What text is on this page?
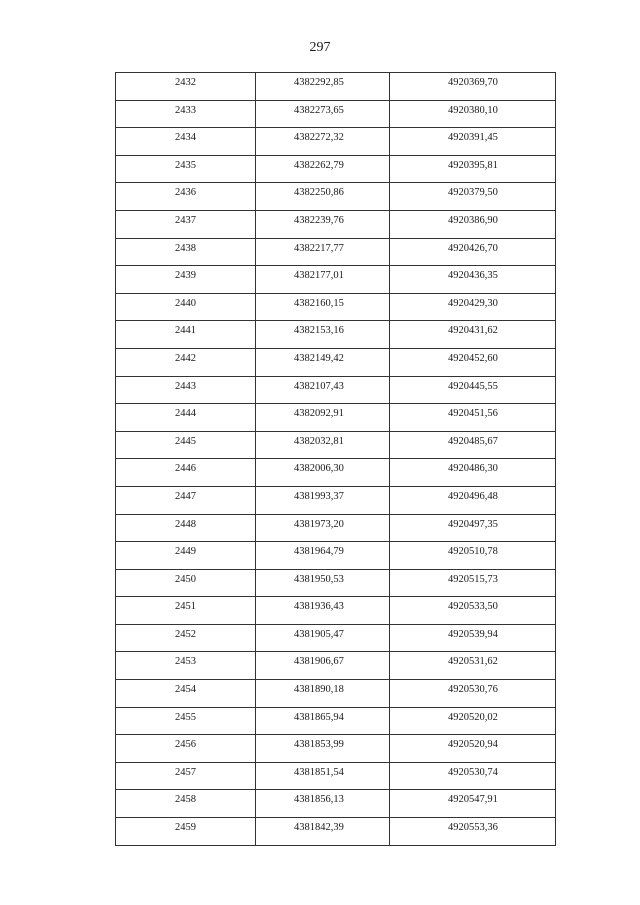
297
2432	4382292,85	4920369,70

2433	4382273,65	4920380,10

2434	4382272,32	4920391,45

2435	4382262,79	4920395,81

2436	4382250,86	4920379,50

2437	4382239,76	4920386,90

2438	4382217,77	4920426,70

2439	4382177,01	4920436,35

2440	4382160,15	4920429,30

2441	4382153,16	4920431,62

2442	4382149,42	4920452,60

2443	4382107,43	4920445,55

2444	4382092,91	4920451,56

2445	4382032,81	4920485,67

2446	4382006,30	4920486,30

2447	4381993,37	4920496,48

2448	4381973,20	4920497,35

2449	4381964,79	4920510,78

2450	4381950,53	4920515,73

2451	4381936,43	4920533,50

2452	4381905,47	4920539,94

2453	4381906,67	4920531,62

2454	4381890,18	4920530,76

2455	4381865,94	4920520,02

2456	4381853,99	4920520,94

2457	4381851,54	4920530,74

2458	4381856,13	4920547,91

2459	4381842,39	4920553,36
